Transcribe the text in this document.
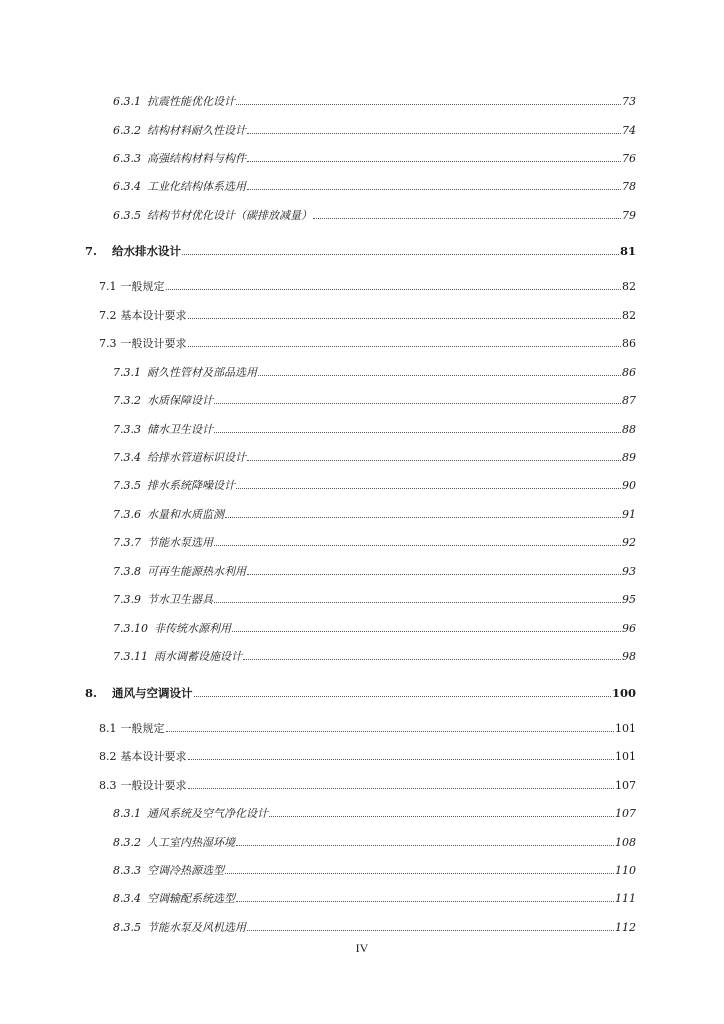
6.3.1 抗震性能优化设计	73
6.3.2 结构材料耐久性设计	74
6.3.3 高强结构材料与构件	76
6.3.4 工业化结构体系选用	78
6.3.5 结构节材优化设计（碳排放减量）	79
7.	给水排水设计	81
7.1 一般规定	82
7.2 基本设计要求	82
7.3 一般设计要求	86
7.3.1 耐久性管材及部品选用	86
7.3.2 水质保障设计	87
7.3.3 储水卫生设计	88
7.3.4 给排水管道标识设计	89
7.3.5 排水系统降噪设计	90
7.3.6 水量和水质监测	91
7.3.7 节能水泵选用	92
7.3.8 可再生能源热水利用	93
7.3.9 节水卫生器具	95
7.3.10 非传统水源利用	96
7.3.11 雨水调蓄设施设计	98
8.	通风与空调设计	100
8.1 一般规定	101
8.2 基本设计要求	101
8.3 一般设计要求	107
8.3.1 通风系统及空气净化设计	107
8.3.2 人工室内热湿环境	108
8.3.3 空调冷热源选型	110
8.3.4 空调输配系统选型	111
8.3.5 节能水泵及风机选用	112
IV
